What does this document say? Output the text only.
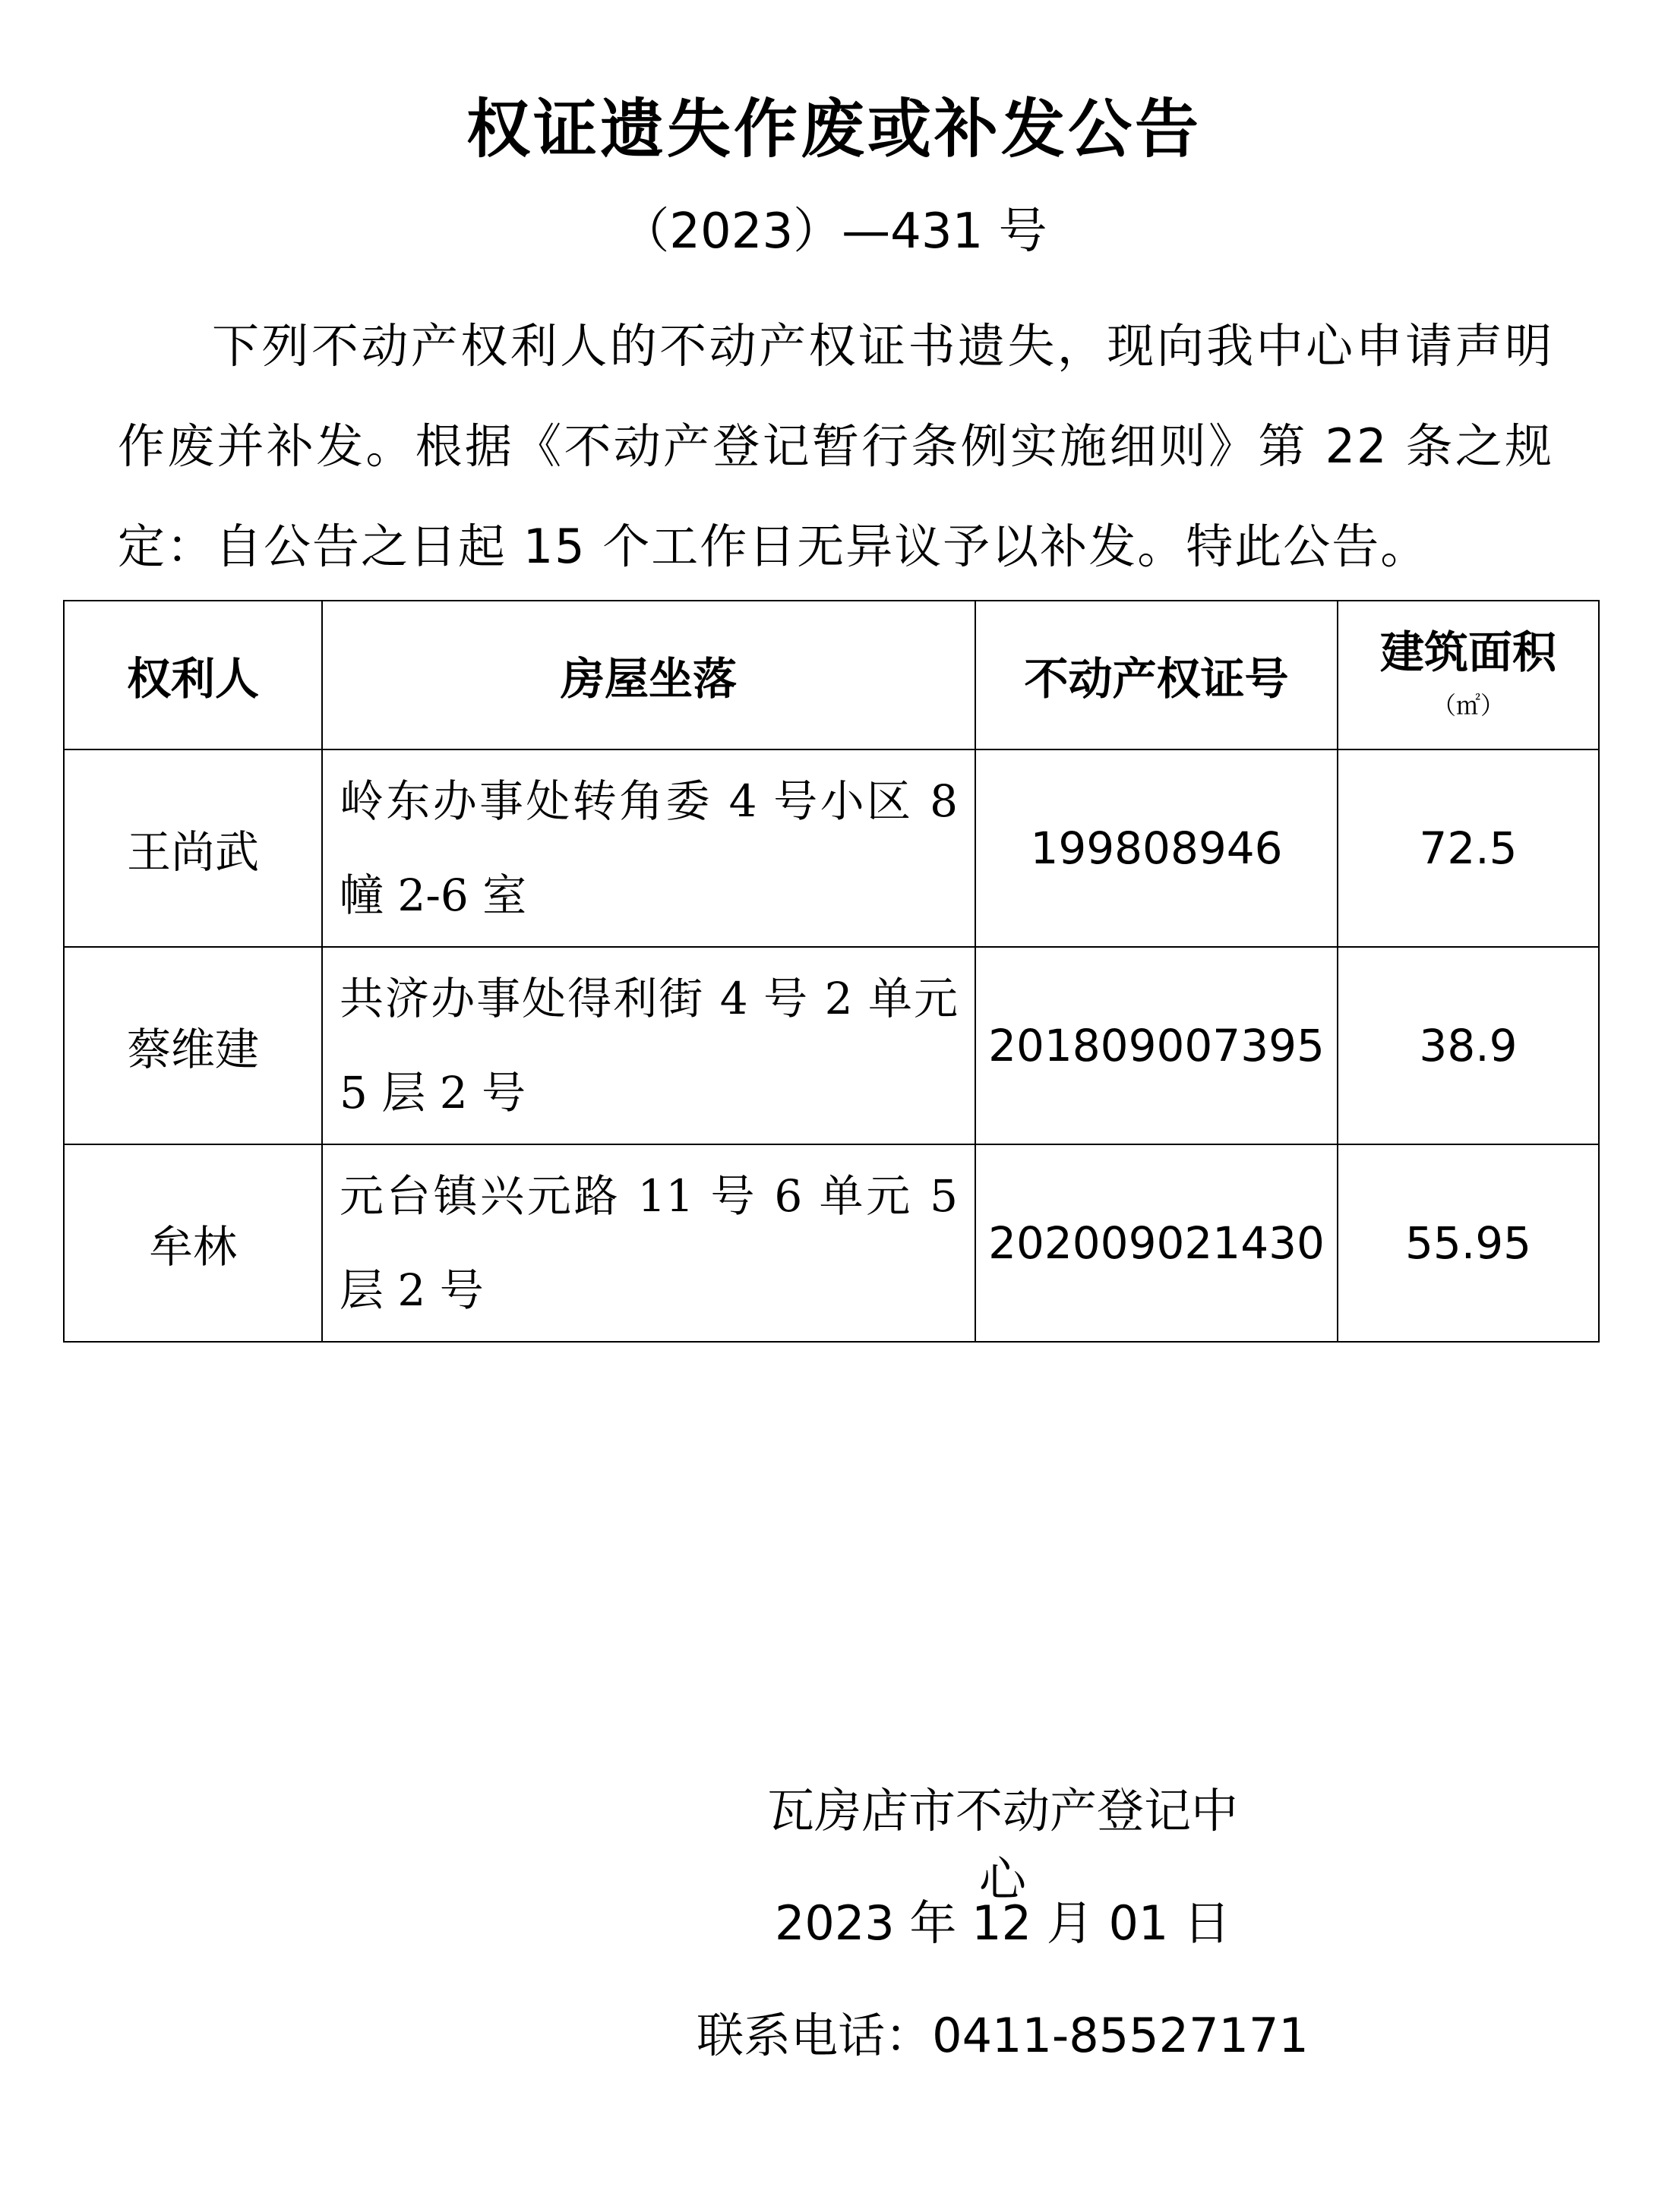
权证遗失作废或补发公告
（2023）—431 号
下列不动产权利人的不动产权证书遗失，现向我中心申请声明作废并补发。根据《不动产登记暂行条例实施细则》第 22 条之规定：自公告之日起 15 个工作日无异议予以补发。特此公告。
权利人	房屋坐落	不动产权证号	建筑面积
（㎡）

王尚武	岭东办事处转角委 4 号小区 8 幢 2-6 室	199808946	72.5
蔡维建	共济办事处得利街 4 号 2 单元 5 层 2 号	201809007395	38.9
牟林	元台镇兴元路 11 号 6 单元 5 层 2 号	202009021430	55.95
瓦房店市不动产登记中心
2023 年 12 月 01 日
联系电话：0411-85527171
